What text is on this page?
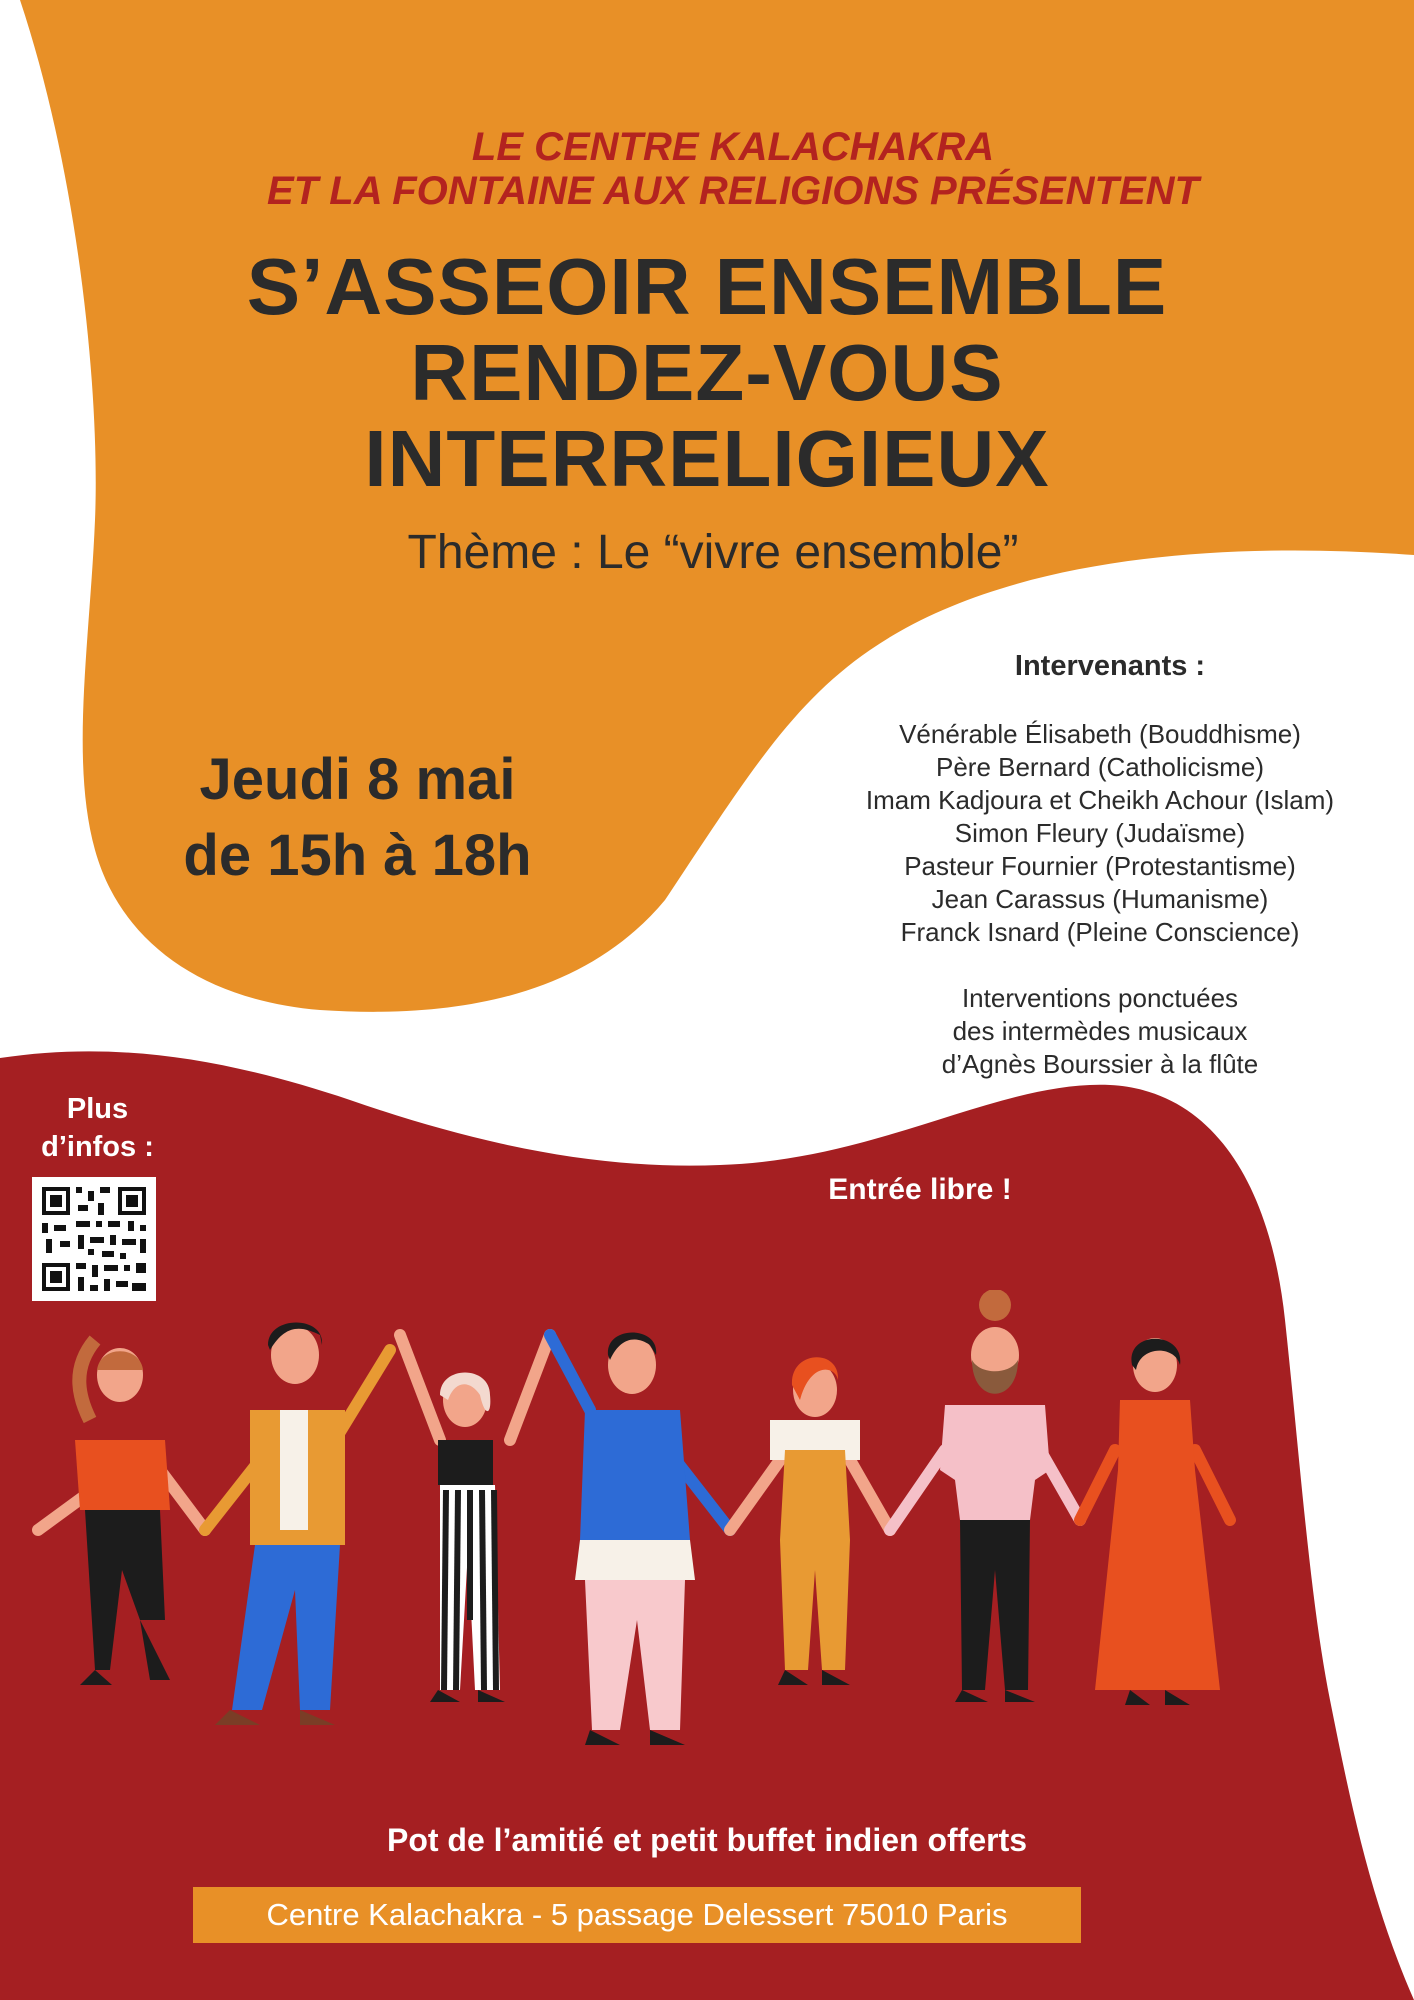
LE CENTRE KALACHAKRA
ET LA FONTAINE AUX RELIGIONS PRÉSENTENT
S’ASSEOIR ENSEMBLE
RENDEZ-VOUS
INTERRELIGIEUX
Thème : Le “vivre ensemble”
Jeudi 8 mai
de 15h à 18h
Intervenants :
Vénérable Élisabeth (Bouddhisme)
Père Bernard (Catholicisme)
Imam Kadjoura et Cheikh Achour (Islam)
Simon Fleury (Judaïsme)
Pasteur Fournier (Protestantisme)
Jean Carassus (Humanisme)
Franck Isnard (Pleine Conscience)
Interventions ponctuées
des intermèdes musicaux
d’Agnès Bourssier à la flûte
Plus
d’infos :
Entrée libre !
Pot de l’amitié et petit buffet indien offerts
Centre Kalachakra - 5 passage Delessert 75010 Paris
